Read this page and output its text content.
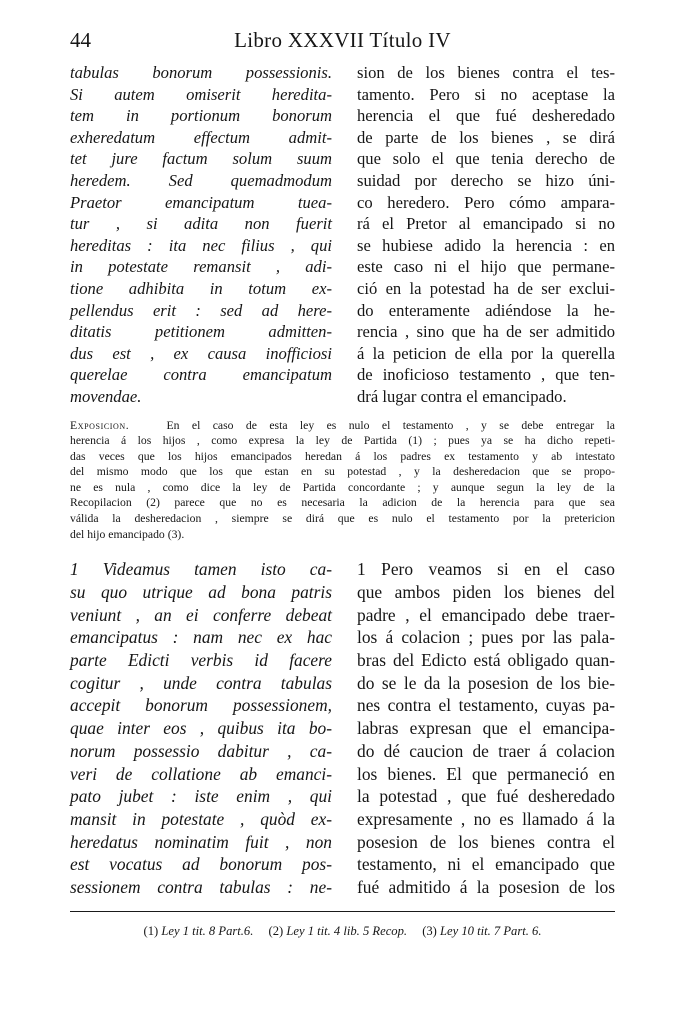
44	Libro XXXVII Título IV
tabulas bonorum possessionis.
Si autem omiserit heredita-
tem in portionum bonorum
exheredatum effectum admit-
tet jure factum solum suum
heredem. Sed quemadmodum
Praetor emancipatum tuea-
tur , si adita non fuerit
hereditas : ita nec filius , qui
in potestate remansit , adi-
tione adhibita in totum ex-
pellendus erit : sed ad here-
ditatis petitionem admitten-
dus est , ex causa inofficiosi
querelae contra emancipatum
movendae.
sion de los bienes contra el tes-
tamento. Pero si no aceptase la
herencia el que fué desheredado
de parte de los bienes , se dirá
que solo el que tenia derecho de
suidad por derecho se hizo úni-
co heredero. Pero cómo ampara-
rá el Pretor al emancipado si no
se hubiese adido la herencia : en
este caso ni el hijo que permane-
ció en la potestad ha de ser exclui-
do enteramente adiéndose la he-
rencia , sino que ha de ser admitido
á la peticion de ella por la querella
de inoficioso testamento , que ten-
drá lugar contra el emancipado.
Exposicion.	En el caso de esta ley es nulo el testamento , y se debe entregar la
herencia á los hijos , como expresa la ley de Partida (1) ; pues ya se ha dicho repeti-
das veces que los hijos emancipados heredan á los padres ex testamento y ab intestato
del mismo modo que los que estan en su potestad , y la desheredacion que se propo-
ne es nula , como dice la ley de Partida concordante ; y aunque segun la ley de la
Recopilacion (2) parece que no es necesaria la adicion de la herencia para que sea
válida la desheredacion , siempre se dirá que es nulo el testamento por la pretericion
del hijo emancipado (3).
1 Videamus tamen isto ca-
su quo utrique ad bona patris
veniunt , an ei conferre debeat
emancipatus : nam nec ex hac
parte Edicti verbis id facere
cogitur , unde contra tabulas
accepit bonorum possessionem,
quae inter eos , quibus ita bo-
norum possessio dabitur , ca-
veri de collatione ab emanci-
pato jubet : iste enim , qui
mansit in potestate , quòd ex-
heredatus nominatim fuit , non
est vocatus ad bonorum pos-
sessionem contra tabulas : ne-
1 Pero veamos si en el caso
que ambos piden los bienes del
padre , el emancipado debe traer-
los á colacion ; pues por las pala-
bras del Edicto está obligado quan-
do se le da la posesion de los bie-
nes contra el testamento, cuyas pa-
labras expresan que el emancipa-
do dé caucion de traer á colacion
los bienes. El que permaneció en
la potestad , que fué desheredado
expresamente , no es llamado á la
posesion de los bienes contra el
testamento, ni el emancipado que
fué admitido á la posesion de los
(1) Ley 1 tit. 8 Part.6. (2) Ley 1 tit. 4 lib. 5 Recop. (3) Ley 10 tit. 7 Part. 6.
